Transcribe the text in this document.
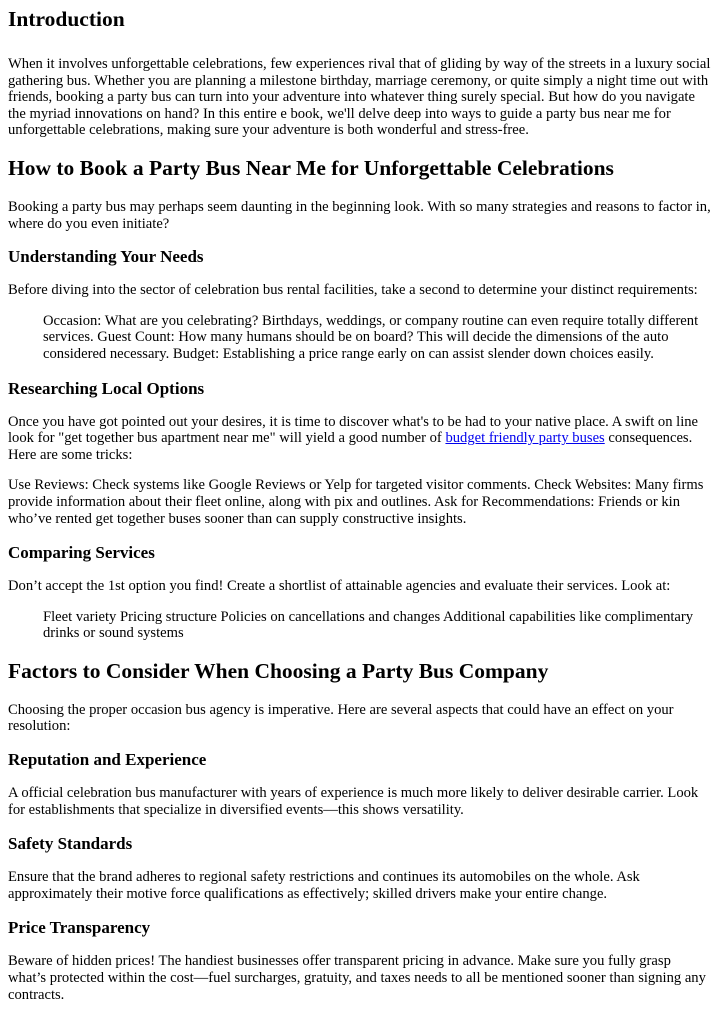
Introduction

When it involves unforgettable celebrations, few experiences rival that of gliding by way of the streets in a luxury social gathering bus. Whether you are planning a milestone birthday, marriage ceremony, or quite simply a night time out with friends, booking a party bus can turn into your adventure into whatever thing surely special. But how do you navigate the myriad innovations on hand? In this entire e book, we'll delve deep into ways to guide a party bus near me for unforgettable celebrations, making sure your adventure is both wonderful and stress-free.

How to Book a Party Bus Near Me for Unforgettable Celebrations

Booking a party bus may perhaps seem daunting in the beginning look. With so many strategies and reasons to factor in, where do you even initiate?

Understanding Your Needs

Before diving into the sector of celebration bus rental facilities, take a second to determine your distinct requirements:

Occasion: What are you celebrating? Birthdays, weddings, or company routine can even require totally different services. Guest Count: How many humans should be on board? This will decide the dimensions of the auto considered necessary. Budget: Establishing a price range early on can assist slender down choices easily.

Researching Local Options

Once you have got pointed out your desires, it is time to discover what's to be had to your native place. A swift on line look for "get together bus apartment near me" will yield a good number of budget friendly party buses consequences. Here are some tricks:

Use Reviews: Check systems like Google Reviews or Yelp for targeted visitor comments. Check Websites: Many firms provide information about their fleet online, along with pix and outlines. Ask for Recommendations: Friends or kin who’ve rented get together buses sooner than can supply constructive insights.

Comparing Services

Don’t accept the 1st option you find! Create a shortlist of attainable agencies and evaluate their services. Look at:

Fleet variety Pricing structure Policies on cancellations and changes Additional capabilities like complimentary drinks or sound systems

Factors to Consider When Choosing a Party Bus Company

Choosing the proper occasion bus agency is imperative. Here are several aspects that could have an effect on your resolution:

Reputation and Experience

A official celebration bus manufacturer with years of experience is much more likely to deliver desirable carrier. Look for establishments that specialize in diversified events—this shows versatility.

Safety Standards

Ensure that the brand adheres to regional safety restrictions and continues its automobiles on the whole. Ask approximately their motive force qualifications as effectively; skilled drivers make your entire change.

Price Transparency

Beware of hidden prices! The handiest businesses offer transparent pricing in advance. Make sure you fully grasp what’s protected within the cost—fuel surcharges, gratuity, and taxes needs to all be mentioned sooner than signing any contracts.
